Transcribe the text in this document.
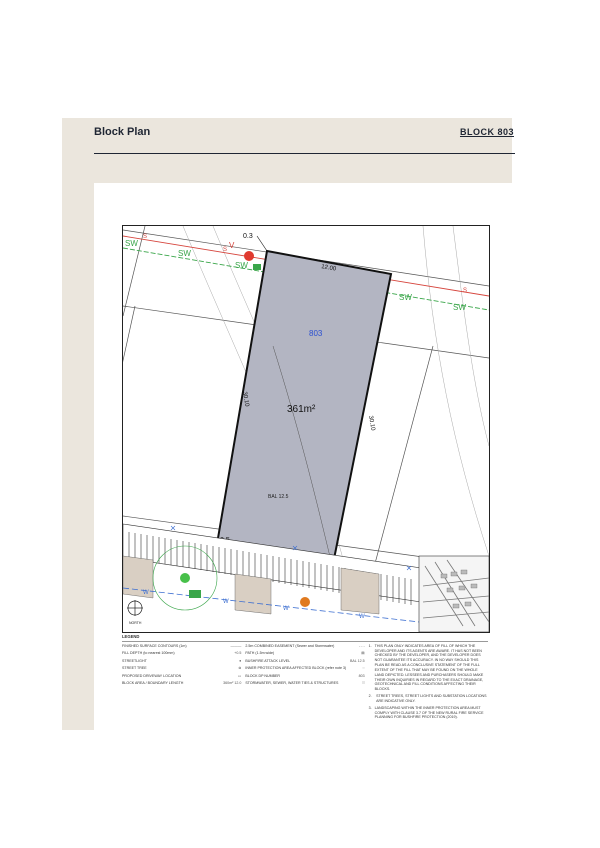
Block Plan	BLOCK 803
S
S
S
SW
SW
SW
SW
SW
803
361m²
BAL 12.5
12.00
30.10
30.10
0.3
V
W
W
W
W
NORTH
LEGEND
FINISHED SURFACE CONTOURS (1m)	———
FILL DEPTH (to nearest 100mm)	+0.5
STREETLIGHT	●
STREET TREE	⊗
PROPOSED DRIVEWAY LOCATION	▭
BLOCK AREA / BOUNDARY LENGTH	360m² 12.0
2.5m COMBINED EASEMENT (Sewer and Stormwater)	- - -
PATH (1.5m wide)	▤
BUSHFIRE ATTACK LEVEL	BAL 12.5
INNER PROTECTION AREA AFFECTED BLOCK (refer note 3)	◌
BLOCK DP NUMBER	803
STORMWATER, SEWER, WATER TIES & STRUCTURES	⫶⫶⫶
1. THIS PLAN ONLY INDICATES AREA OF FILL OF WHICH THE DEVELOPER AND ITS AGENTS ARE AWARE. IT HAS NOT BEEN CHECKED BY THE DEVELOPER, AND THE DEVELOPER DOES NOT GUARANTEE ITS ACCURACY. IN NO WAY SHOULD THIS PLAN BE READ AS A CONCLUSIVE STATEMENT OF THE FULL EXTENT OF THE FILL THAT MAY BE FOUND ON THE WHOLE LAND DEPICTED. LESSEES AND PURCHASERS SHOULD MAKE THEIR OWN INQUIRIES IN REGARD TO THE EXACT DRAINAGE, GEOTECHNICAL AND FILL CONDITIONS AFFECTING THEIR BLOCKS.
2.	STREET TREES, STREET LIGHTS AND SUBSTATION LOCATIONS ARE INDICATIVE ONLY.
3. LANDSCAPING WITHIN THE INNER PROTECTION AREA MUST COMPLY WITH CLAUSE 3.7 OF THE NEW RURAL FIRE SERVICE PLANNING FOR BUSHFIRE PROTECTION (2019).
